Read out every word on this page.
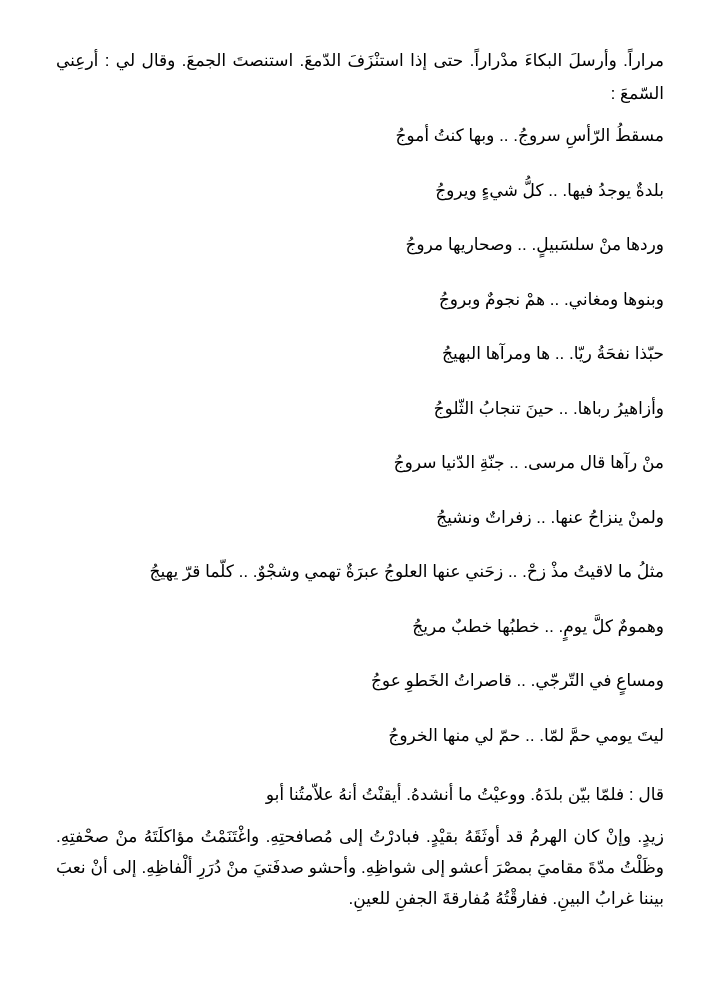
مراراً. وأرسلَ البكاءَ مدْراراً. حتى إذا استنْزَفَ الدّمعَ. استنصتَ الجمعَ. وقال لي : أرعِني السّمعَ :

مسقطُ الرّأسِ سروجُ. .. وبها كنتُ أموجُ

بلدةٌ يوجدُ فيها. .. كلُّ شيءٍ ويروجُ

وردها منْ سلسَبيلٍ. .. وصحاريها مروجُ

وبنوها ومغاني. .. همْ نجومٌ وبروجُ

حبّذا نفحَةُ ريّا. .. ها ومرآها البهيجُ

وأزاهيرُ رباها. .. حينَ تنجابُ الثّلوجُ

منْ رآها قال مرسى. .. جنّةِ الدّنيا سروجُ

ولمنْ ينزاحُ عنها. .. زفراتٌ ونشيجُ

مثلُ ما لاقيتُ مذْ زحْ. .. زحَني عنها العلوجُ عبرَةٌ تهمي وشجْوٌ. .. كلّما قرّ يهيجُ

وهمومٌ كلَّ يومٍ. .. خطبُها خطبٌ مريجُ

ومساعٍ في التّرجّي. .. قاصراتُ الخَطوِ عوجُ

ليتَ يومي حمَّ لمّا. .. حمّ لي منها الخروجُ

قال : فلمّا بيّن بلدَهُ. ووعيْتُ ما أنشدهُ. أيقنْتُ أنهُ علاّمتُنا أبو

زيدٍ. وإنْ كان الهرمُ قد أوثَقَهُ بقيْدٍ. فبادرْتُ إلى مُصافحتِهِ. واغْتَنَمْتُ مؤاكلَتَهُ منْ صحْفتِهِ. وظَلْتُ مدّةَ مقاميَ بمصْرَ أعشو إلى شواظِهِ. وأحشو صدفَتيَ منْ دُرَرِ ألْفاظِهِ. إلى أنْ نعبَ بيننا غرابُ البينِ. ففارقْتُهُ مُفارقةَ الجفنِ للعينِ.
